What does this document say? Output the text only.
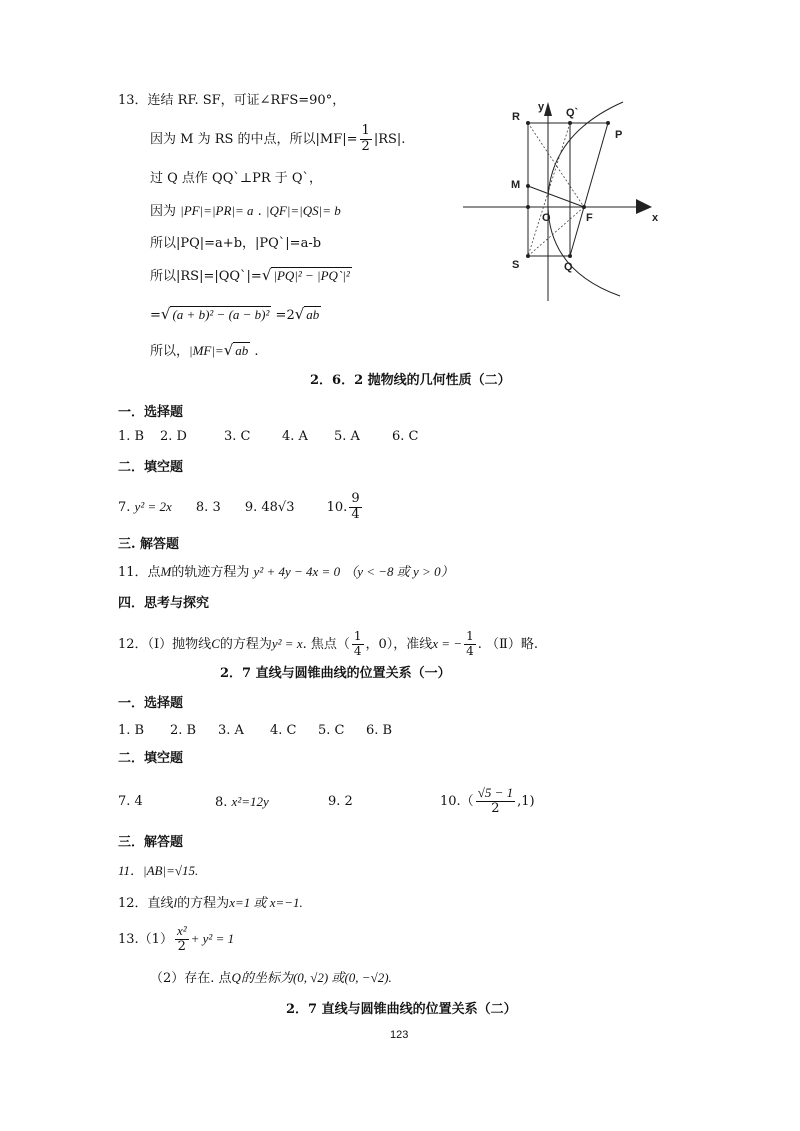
13．连结 RF. SF，可证∠RFS=90°，
因为 M 为 RS 的中点，所以$|MF|= \frac{1}{2} |RS|$.
过 Q 点作 QQ`⊥PR 于 Q`，
因为 |PF|=|PR|= a . |QF|=|QS|= b
所以|PQ|=a+b，|PQ`|=a-b
所以|RS|=|QQ`|=√ |PQ|² − |PQ`|²
=√ (a + b)² − (a − b)² =2√ ab
所以，|MF|=√ ab .
R	Q`
P
y
M
O	F	x
S	Q
2．6．2 抛物线的几何性质（二）
一．选择题
1. B 2. D	3. C 4. A 5. A 6. C
二．填空题
7. y² = 2x 8. 3 9. 48√3 10. $\frac{9}{4}$
三. 解答题
11．点M的轨迹方程为 y² + 4y − 4x = 0 （y < −8 或 y > 0）
四．思考与探究
12．（Ⅰ）抛物线C的方程为y² = x. 焦点（ $\frac{1}{4}$ ，0），准线x = − $\frac{1}{4}$ . （Ⅱ）略.
2．7 直线与圆锥曲线的位置关系（一）
一．选择题
1. B 2. B 3. A 4. C 5. C 6. B
二．填空题
7. 4	8. x²=12y	9. 2	$10.( \frac{√5 - 1}{2} ,1)$
三．解答题
11．|AB|=√15.
12．直线l的方程为x=1 或 x=−1.
$13.(1) \frac{\text{x²}}{2} + y^2 = 1$
（2）存在. 点Q的坐标为(0, √2) 或(0, −√2).
2．7 直线与圆锥曲线的位置关系（二）
123
